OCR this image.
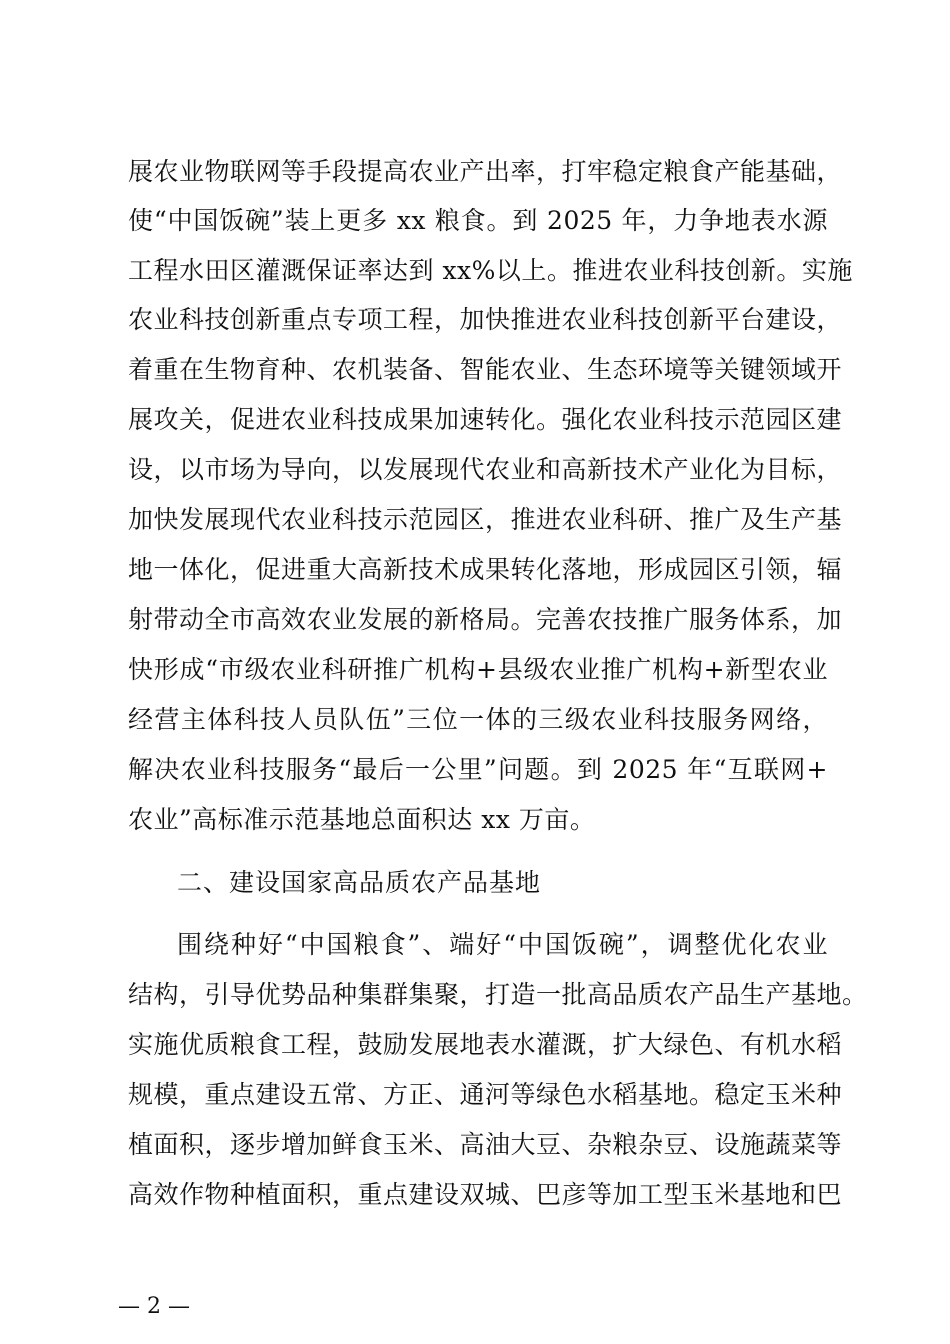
展农业物联网等手段提高农业产出率，打牢稳定粮食产能基础，
使“中国饭碗”装上更多 xx 粮食。到 2025 年，力争地表水源
工程水田区灌溉保证率达到 xx%以上。推进农业科技创新。实施
农业科技创新重点专项工程，加快推进农业科技创新平台建设，
着重在生物育种、农机装备、智能农业、生态环境等关键领域开
展攻关，促进农业科技成果加速转化。强化农业科技示范园区建
设，以市场为导向，以发展现代农业和高新技术产业化为目标，
加快发展现代农业科技示范园区，推进农业科研、推广及生产基
地一体化，促进重大高新技术成果转化落地，形成园区引领，辐
射带动全市高效农业发展的新格局。完善农技推广服务体系，加
快形成“市级农业科研推广机构+县级农业推广机构+新型农业
经营主体科技人员队伍”三位一体的三级农业科技服务网络，
解决农业科技服务“最后一公里”问题。到 2025 年“互联网+
农业”高标准示范基地总面积达 xx 万亩。
二、建设国家高品质农产品基地
围绕种好“中国粮食”、端好“中国饭碗”，调整优化农业
结构，引导优势品种集群集聚，打造一批高品质农产品生产基地。
实施优质粮食工程，鼓励发展地表水灌溉，扩大绿色、有机水稻
规模，重点建设五常、方正、通河等绿色水稻基地。稳定玉米种
植面积，逐步增加鲜食玉米、高油大豆、杂粮杂豆、设施蔬菜等
高效作物种植面积，重点建设双城、巴彦等加工型玉米基地和巴
— 2 —
